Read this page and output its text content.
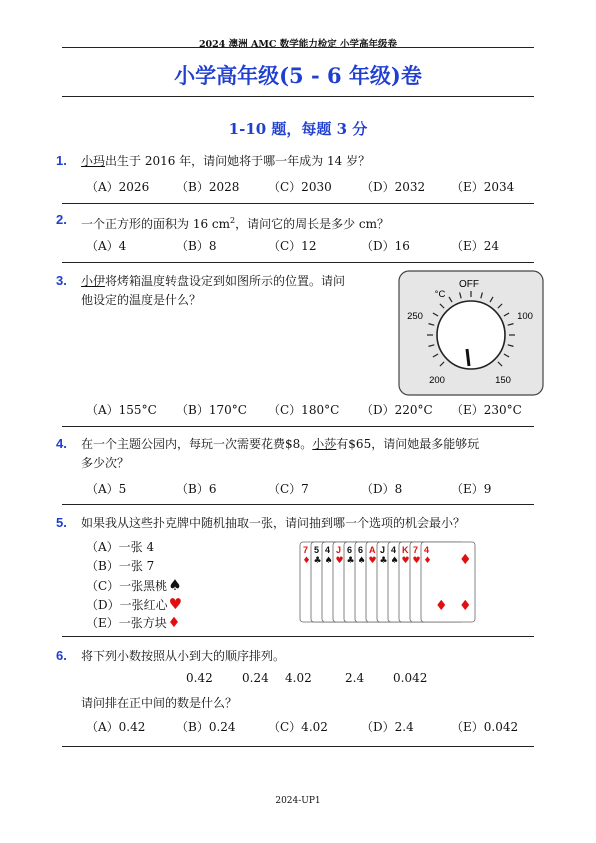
2024 澳洲 AMC 数学能力检定 小学高年级卷
小学高年级(5 - 6 年级)卷
1-10 题，每题 3 分
1. 小玛出生于 2016 年，请问她将于哪一年成为 14 岁？
（A）2026 （B）2028 （C）2030 （D）2032 （E）2034
2. 一个正方形的面积为 16 $cm^2$，请问它的周长是多少 cm？
（A）4	（B）8	（C）12	（D）16	（E）24
3. 小伊将烤箱温度转盘设定到如图所示的位置。请问
他设定的温度是什么？
OFF
°C
250	100
200	150
（A）155°C （B）170°C （C）180°C （D）220°C （E）230°C
4. 在一个主题公园内，每玩一次需要花费$8。小莎有$65，请问她最多能够玩
多少次？
（A）5	（B）6	（C）7	（D）8	（E）9
5. 如果我从这些扑克牌中随机抽取一张，请问抽到哪一个选项的机会最小？
（A）一张 4
（B）一张 7
（C）一张黑桃♠
（D）一张红心♥
（E）一张方块♦
7
♦
5
♣
4
♠
J
♥
6
♣
6
♠
A
♥
J
♣
4
♠
K
♥
7
♥
4
♦ ♦
♦
♦
6. 将下列小数按照从小到大的顺序排列。
0.42 0.24 4.02	2.4 0.042
请问排在正中间的数是什么？
（A）0.42	（B）0.24	（C）4.02	（D）2.4	（E）0.042
2024-UP1
